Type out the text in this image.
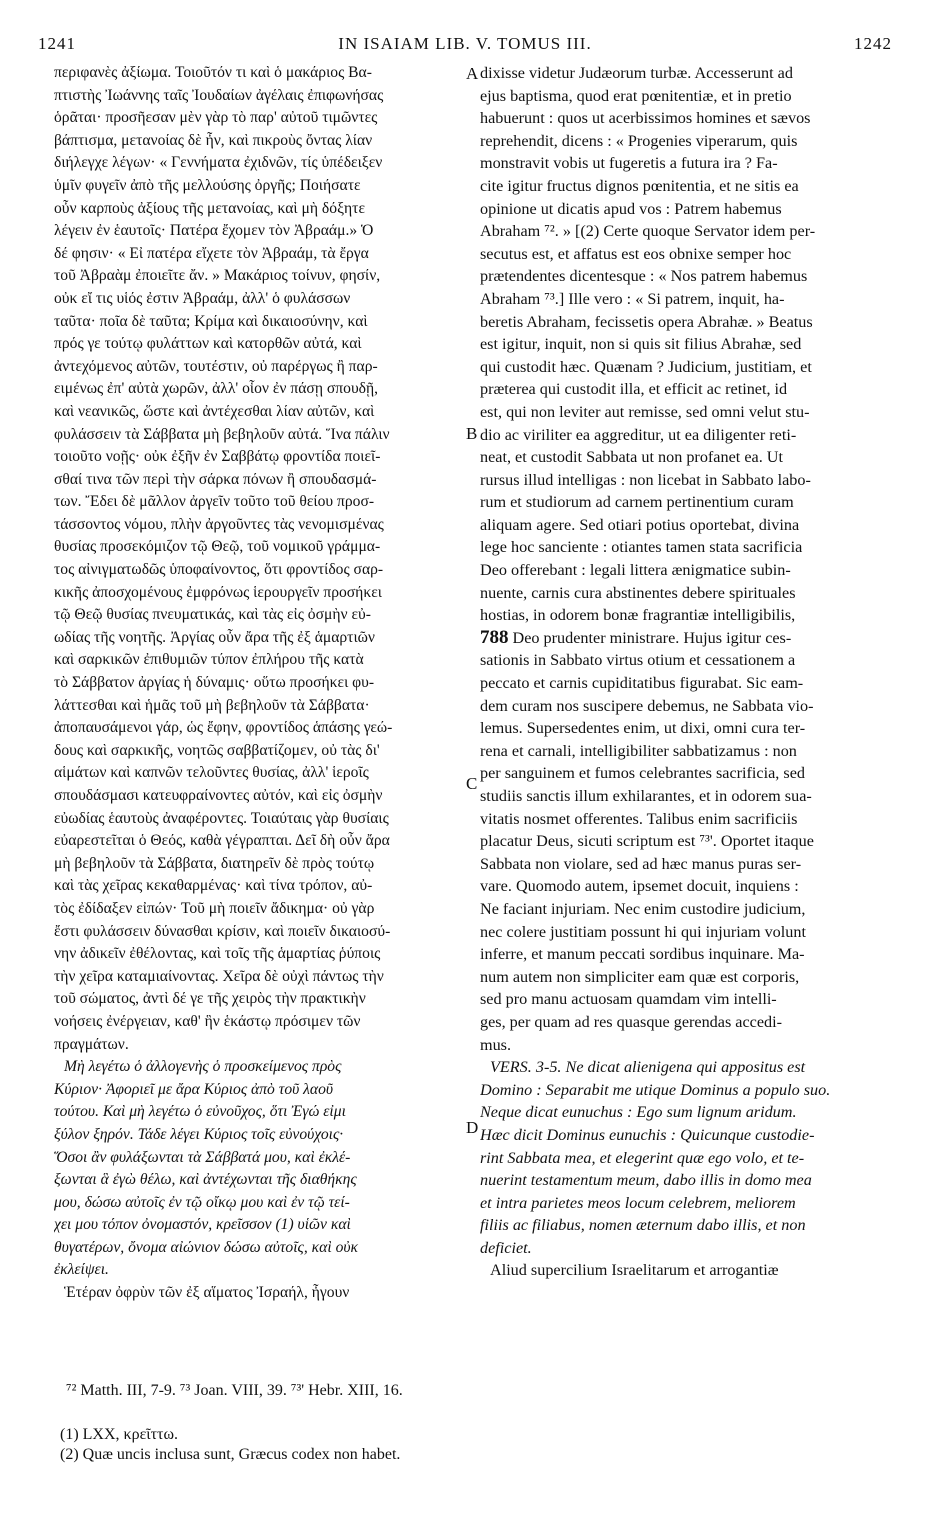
1241	IN ISAIAM LIB. V. TOMUS III.	1242
περιφανὲς ἀξίωμα. Τοιοῦτόν τι καὶ ὁ μακάριος Βα-
πτιστὴς Ἰωάννης ταῖς Ἰουδαίων ἀγέλαις ἐπιφωνήσας
ὁρᾶται· προσῆεσαν μὲν γὰρ τὸ παρ' αὐτοῦ τιμῶντες
βάπτισμα, μετανοίας δὲ ἦν, καὶ πικροὺς ὄντας λίαν
διήλεγχε λέγων· « Γεννήματα ἐχιδνῶν, τίς ὑπέδειξεν
ὑμῖν φυγεῖν ἀπὸ τῆς μελλούσης ὀργῆς; Ποιήσατε
οὖν καρποὺς ἀξίους τῆς μετανοίας, καὶ μὴ δόξητε
λέγειν ἐν ἑαυτοῖς· Πατέρα ἔχομεν τὸν Ἀβραάμ.» Ὁ
δέ φησιν· « Εἰ πατέρα εἴχετε τὸν Ἀβραάμ, τὰ ἔργα
τοῦ Ἀβραὰμ ἐποιεῖτε ἄν. » Μακάριος τοίνυν, φησίν,
οὐκ εἴ τις υἱός ἐστιν Ἀβραάμ, ἀλλ' ὁ φυλάσσων
ταῦτα· ποῖα δὲ ταῦτα; Κρίμα καὶ δικαιοσύνην, καὶ
πρός γε τούτῳ φυλάττων καὶ κατορθῶν αὐτά, καὶ
ἀντεχόμενος αὐτῶν, τουτέστιν, οὐ παρέργως ἢ παρ-
ειμένως ἐπ' αὐτὰ χωρῶν, ἀλλ' οἷον ἐν πάσῃ σπουδῇ,
καὶ νεανικῶς, ὥστε καὶ ἀντέχεσθαι λίαν αὐτῶν, καὶ
φυλάσσειν τὰ Σάββατα μὴ βεβηλοῦν αὐτά. Ἵνα πάλιν
τοιοῦτο νοῇς· οὐκ ἐξῆν ἐν Σαββάτῳ φροντίδα ποιεῖ-
σθαί τινα τῶν περὶ τὴν σάρκα πόνων ἢ σπουδασμά-
των. Ἔδει δὲ μᾶλλον ἀργεῖν τοῦτο τοῦ θείου προσ-
τάσσοντος νόμου, πλὴν ἀργοῦντες τὰς νενομισμένας
θυσίας προσεκόμιζον τῷ Θεῷ, τοῦ νομικοῦ γράμμα-
τος αἰνιγματωδῶς ὑποφαίνοντος, ὅτι φροντίδος σαρ-
κικῆς ἀποσχομένους ἐμφρόνως ἱερουργεῖν προσήκει
τῷ Θεῷ θυσίας πνευματικάς, καὶ τὰς εἰς ὀσμὴν εὐ-
ωδίας τῆς νοητῆς. Ἀργίας οὖν ἄρα τῆς ἐξ ἁμαρτιῶν
καὶ σαρκικῶν ἐπιθυμιῶν τύπον ἐπλήρου τῆς κατὰ
τὸ Σάββατον ἀργίας ἡ δύναμις· οὕτω προσήκει φυ-
λάττεσθαι καὶ ἡμᾶς τοῦ μὴ βεβηλοῦν τὰ Σάββατα·
ἀποπαυσάμενοι γάρ, ὡς ἔφην, φροντίδος ἁπάσης γεώ-
δους καὶ σαρκικῆς, νοητῶς σαββατίζομεν, οὐ τὰς δι'
αἱμάτων καὶ καπνῶν τελοῦντες θυσίας, ἀλλ' ἱεροῖς
σπουδάσμασι κατευφραίνοντες αὐτόν, καὶ εἰς ὀσμὴν
εὐωδίας ἑαυτοὺς ἀναφέροντες. Τοιαύταις γὰρ θυσίαις
εὐαρεστεῖται ὁ Θεός, καθὰ γέγραπται. Δεῖ δὴ οὖν ἄρα
μὴ βεβηλοῦν τὰ Σάββατα, διατηρεῖν δὲ πρὸς τούτῳ
καὶ τὰς χεῖρας κεκαθαρμένας· καὶ τίνα τρόπον, αὐ-
τὸς ἐδίδαξεν εἰπών· Τοῦ μὴ ποιεῖν ἄδικημα· οὐ γὰρ
ἔστι φυλάσσειν δύνασθαι κρίσιν, καὶ ποιεῖν δικαιοσύ-
νην ἀδικεῖν ἐθέλοντας, καὶ τοῖς τῆς ἁμαρτίας ῥύποις
τὴν χεῖρα καταμιαίνοντας. Χεῖρα δὲ οὐχὶ πάντως τὴν
τοῦ σώματος, ἀντὶ δέ γε τῆς χειρὸς τὴν πρακτικὴν
νοήσεις ἐνέργειαν, καθ' ἣν ἑκάστῳ πρόσιμεν τῶν
πραγμάτων.
Μὴ λεγέτω ὁ ἀλλογενὴς ὁ προσκείμενος πρὸς
Κύριον· Ἀφοριεῖ με ἄρα Κύριος ἀπὸ τοῦ λαοῦ
τούτου. Καὶ μὴ λεγέτω ὁ εὐνοῦχος, ὅτι Ἐγώ εἰμι
ξύλον ξηρόν. Τάδε λέγει Κύριος τοῖς εὐνούχοις·
Ὅσοι ἂν φυλάξωνται τὰ Σάββατά μου, καὶ ἐκλέ-
ξωνται ἃ ἐγὼ θέλω, καὶ ἀντέχωνται τῆς διαθήκης
μου, δώσω αὐτοῖς ἐν τῷ οἴκῳ μου καὶ ἐν τῷ τεί-
χει μου τόπον ὀνομαστόν, κρεῖσσον (1) υἱῶν καὶ
θυγατέρων, ὄνομα αἰώνιον δώσω αὐτοῖς, καὶ οὐκ
ἐκλείψει.
Ἑτέραν ὀφρὺν τῶν ἐξ αἵματος Ἰσραήλ, ἦγουν
dixisse videtur Judæorum turbæ. Accesserunt ad
ejus baptisma, quod erat pœnitentiæ, et in pretio
habuerunt : quos ut acerbissimos homines et sævos
reprehendit, dicens : « Progenies viperarum, quis
monstravit vobis ut fugeretis a futura ira ? Fa-
cite igitur fructus dignos pœnitentia, et ne sitis ea
opinione ut dicatis apud vos : Patrem habemus
Abraham ⁷². » [(2) Certe quoque Servator idem per-
secutus est, et affatus est eos obnixe semper hoc
prætendentes dicentesque : « Nos patrem habemus
Abraham ⁷³.] Ille vero : « Si patrem, inquit, ha-
beretis Abraham, fecissetis opera Abrahæ. » Beatus
est igitur, inquit, non si quis sit filius Abrahæ, sed
qui custodit hæc. Quænam ? Judicium, justitiam, et
præterea qui custodit illa, et efficit ac retinet, id
est, qui non leviter aut remisse, sed omni velut stu-
dio ac viriliter ea aggreditur, ut ea diligenter reti-
neat, et custodit Sabbata ut non profanet ea. Ut
rursus illud intelligas : non licebat in Sabbato labo-
rum et studiorum ad carnem pertinentium curam
aliquam agere. Sed otiari potius oportebat, divina
lege hoc sanciente : otiantes tamen stata sacrificia
Deo offerebant : legali littera ænigmatice subin-
nuente, carnis cura abstinentes debere spirituales
hostias, in odorem bonæ fragrantiæ intelligibilis,
788 Deo prudenter ministrare. Hujus igitur ces-
sationis in Sabbato virtus otium et cessationem a
peccato et carnis cupiditatibus figurabat. Sic eam-
dem curam nos suscipere debemus, ne Sabbata vio-
lemus. Supersedentes enim, ut dixi, omni cura ter-
rena et carnali, intelligibiliter sabbatizamus : non
per sanguinem et fumos celebrantes sacrificia, sed
studiis sanctis illum exhilarantes, et in odorem sua-
vitatis nosmet offerentes. Talibus enim sacrificiis
placatur Deus, sicuti scriptum est ⁷³'. Oportet itaque
Sabbata non violare, sed ad hæc manus puras ser-
vare. Quomodo autem, ipsemet docuit, inquiens :
Ne faciant injuriam. Nec enim custodire judicium,
nec colere justitiam possunt hi qui injuriam volunt
inferre, et manum peccati sordibus inquinare. Ma-
num autem non simpliciter eam quæ est corporis,
sed pro manu actuosam quamdam vim intelli-
ges, per quam ad res quasque gerendas accedi-
mus.
VERS. 3-5. Ne dicat alienigena qui appositus est
Domino : Separabit me utique Dominus a populo suo.
Neque dicat eunuchus : Ego sum lignum aridum.
Hæc dicit Dominus eunuchis : Quicunque custodie-
rint Sabbata mea, et elegerint quæ ego volo, et te-
nuerint testamentum meum, dabo illis in domo mea
et intra parietes meos locum celebrem, meliorem
filiis ac filiabus, nomen æternum dabo illis, et non
deficiet.
Aliud supercilium Israelitarum et arrogantiæ
A
B
C
D
⁷² Matth. III, 7-9. ⁷³ Joan. VIII, 39. ⁷³' Hebr. XIII, 16.
(1) LXX, κρεῖττω.
(2) Quæ uncis inclusa sunt, Græcus codex non habet.
